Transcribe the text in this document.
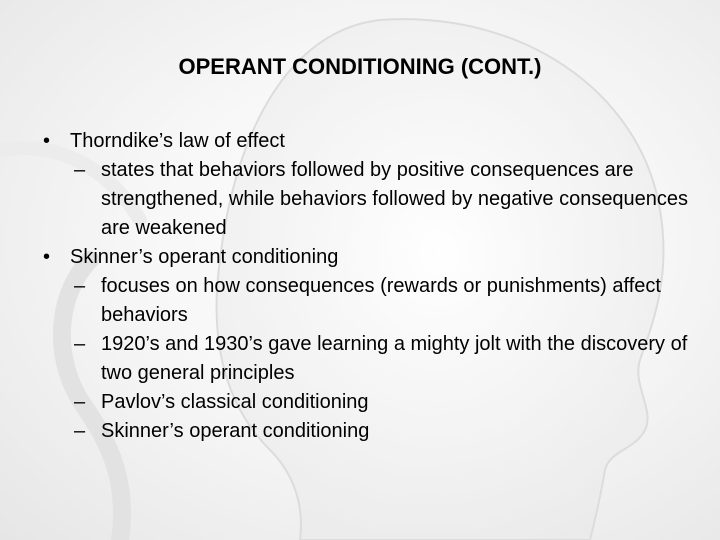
OPERANT CONDITIONING (CONT.)
• Thorndike’s law of effect
– states that behaviors followed by positive consequences are strengthened, while behaviors followed by negative consequences are weakened
• Skinner’s operant conditioning
– focuses on how consequences (rewards or punishments) affect behaviors
– 1920’s and 1930’s gave learning a mighty jolt with the discovery of two general principles
– Pavlov’s classical conditioning
– Skinner’s operant conditioning
